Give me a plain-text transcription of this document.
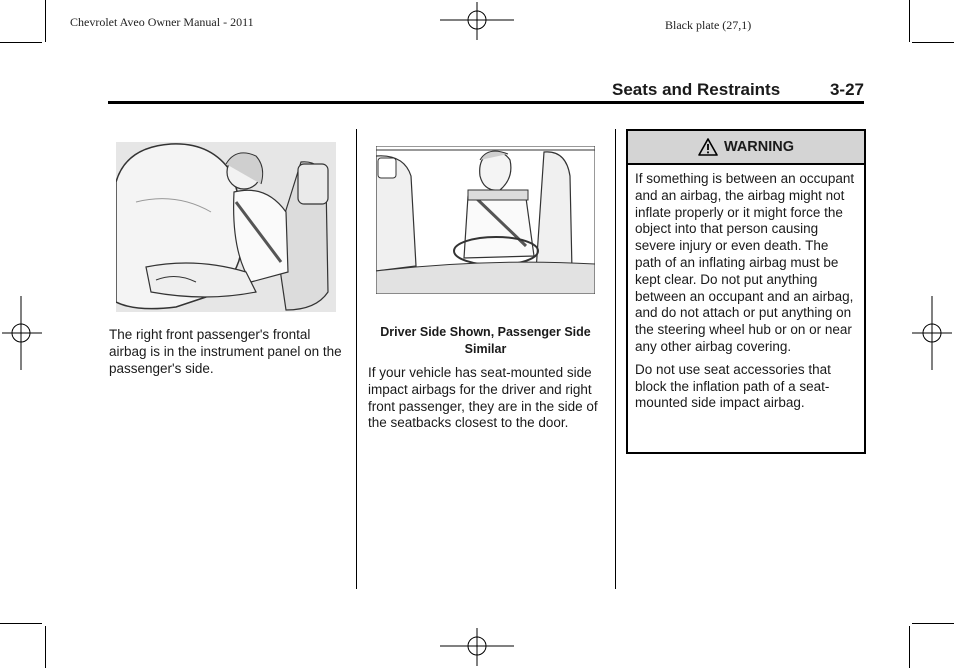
Chevrolet Aveo Owner Manual - 2011	Black plate (27,1)
Seats and Restraints	3-27
The right front passenger's frontal airbag is in the instrument panel on the passenger's side.
Driver Side Shown, Passenger Side Similar
If your vehicle has seat-mounted side impact airbags for the driver and right front passenger, they are in the side of the seatbacks closest to the door.
WARNING

If something is between an occupant and an airbag, the airbag might not inflate properly or it might force the object into that person causing severe injury or even death. The path of an inflating airbag must be kept clear. Do not put anything between an occupant and an airbag, and do not attach or put anything on the steering wheel hub or on or near any other airbag covering.

Do not use seat accessories that block the inflation path of a seat-mounted side impact airbag.
